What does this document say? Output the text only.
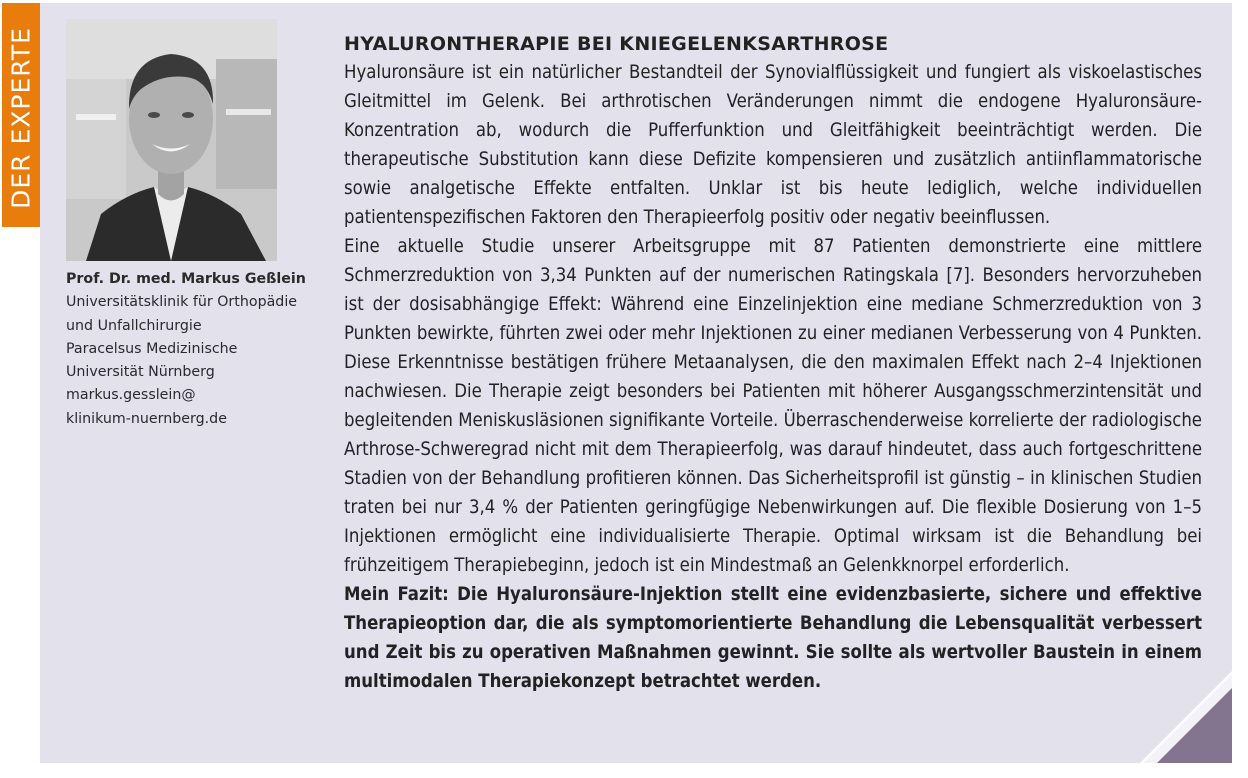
DER EXPERTE
Prof. Dr. med. Markus Geßlein
Universitätsklinik für Orthopädie
und Unfallchirurgie
Paracelsus Medizinische
Universität Nürnberg
markus.gesslein@
klinikum-nuernberg.de
HYALURONTHERAPIE BEI KNIEGELENKSARTHROSE

Hyaluronsäure ist ein natürlicher Bestandteil der Synovialflüssigkeit und fungiert als viskoelastisches Gleitmittel im Gelenk. Bei arthrotischen Veränderungen nimmt die endogene Hyaluronsäure-Konzentration ab, wodurch die Pufferfunktion und Gleitfähigkeit beeinträchtigt werden. Die therapeutische Substitution kann diese Defizite kompensieren und zusätzlich antiinflammatorische sowie analgetische Effekte entfalten. Unklar ist bis heute lediglich, welche individuellen patientenspezifischen Faktoren den Therapieerfolg positiv oder negativ beeinflussen.

Eine aktuelle Studie unserer Arbeitsgruppe mit 87 Patienten demonstrierte eine mittlere Schmerzreduktion von 3,34 Punkten auf der numerischen Ratingskala [7]. Besonders hervorzuheben ist der dosisabhängige Effekt: Während eine Einzelinjektion eine mediane Schmerzreduktion von 3 Punkten bewirkte, führten zwei oder mehr Injektionen zu einer medianen Verbesserung von 4 Punkten. Diese Erkenntnisse bestätigen frühere Metaanalysen, die den maximalen Effekt nach 2–4 Injektionen nachwiesen. Die Therapie zeigt besonders bei Patienten mit höherer Ausgangsschmerzintensität und begleitenden Meniskusläsionen signifikante Vorteile. Überraschenderweise korrelierte der radiologische Arthrose-Schweregrad nicht mit dem Therapieerfolg, was darauf hindeutet, dass auch fortgeschrittene Stadien von der Behandlung profitieren können. Das Sicherheitsprofil ist günstig – in klinischen Studien traten bei nur 3,4 % der Patienten geringfügige Nebenwirkungen auf. Die flexible Dosierung von 1–5 Injektionen ermöglicht eine individualisierte Therapie. Optimal wirksam ist die Behandlung bei frühzeitigem Therapiebeginn, jedoch ist ein Mindestmaß an Gelenkknorpel erforderlich.

Mein Fazit: Die Hyaluronsäure-Injektion stellt eine evidenzbasierte, sichere und effektive Therapieoption dar, die als symptomorientierte Behandlung die Lebensqualität verbessert und Zeit bis zu operativen Maßnahmen gewinnt. Sie sollte als wertvoller Baustein in einem multimodalen Therapiekonzept betrachtet werden.
